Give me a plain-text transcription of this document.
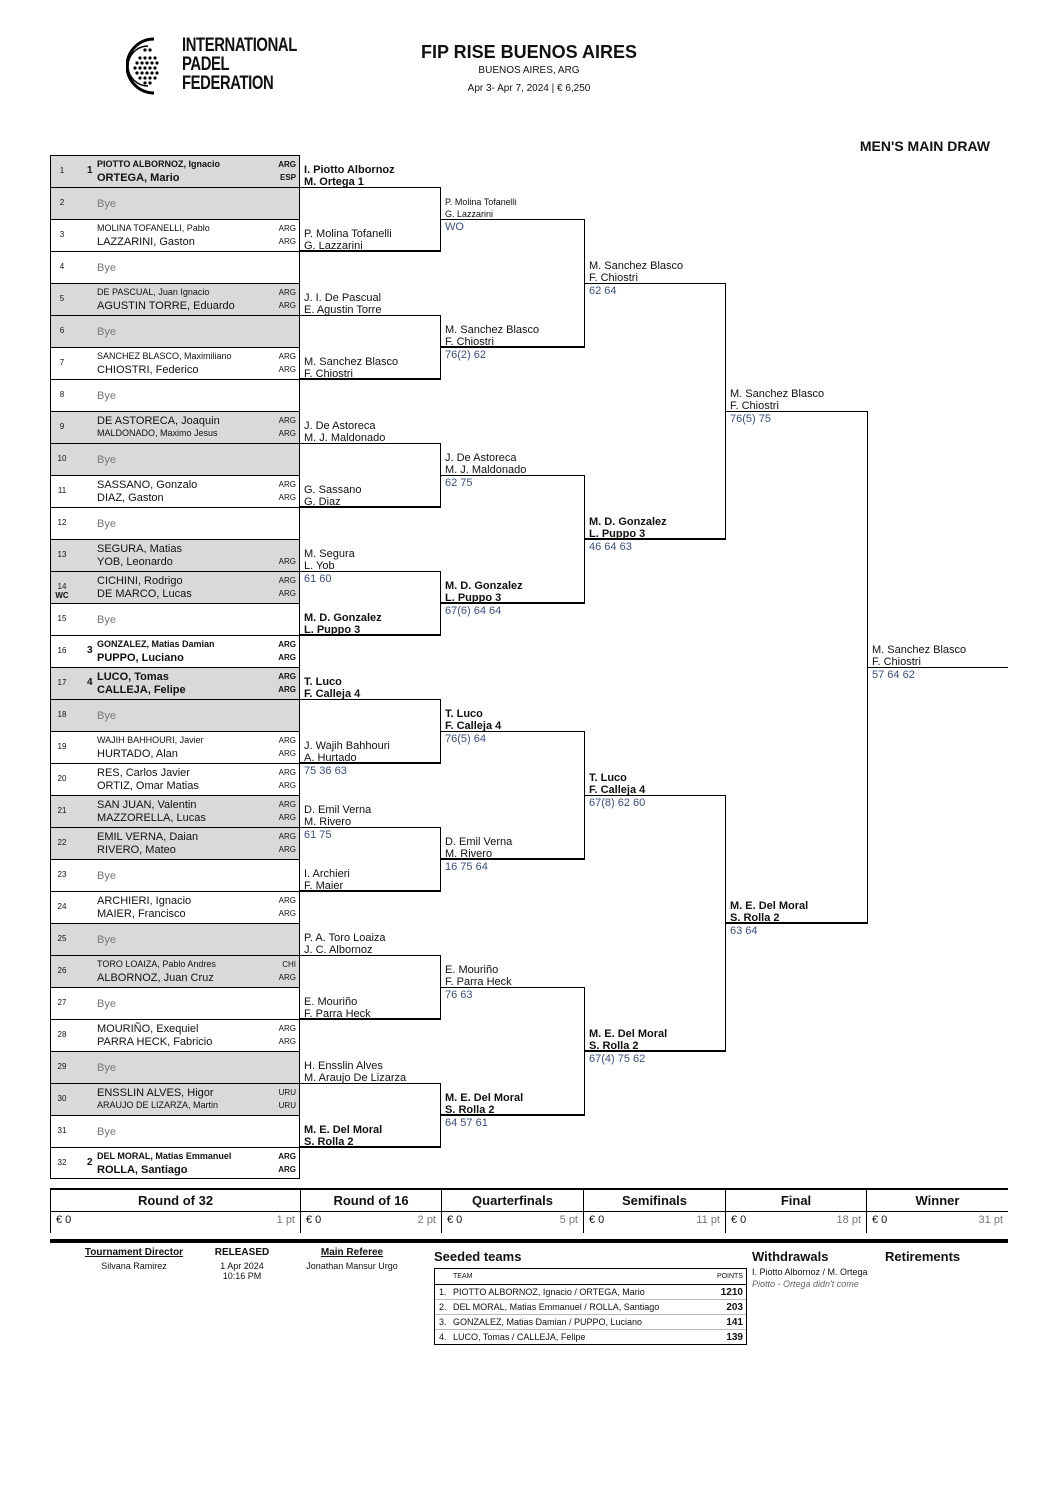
INTERNATIONAL
PADEL
FEDERATION
FIP RISE BUENOS AIRES
BUENOS AIRES, ARG
Apr 3- Apr 7, 2024 | € 6,250
MEN'S MAIN DRAW
1	1
PIOTTO ALBORNOZ, Ignacio
ORTEGA, Mario
ARG
ESP
2	Bye
3
MOLINA TOFANELLI, Pablo
LAZZARINI, Gaston
ARG
ARG
4	Bye
5
DE PASCUAL, Juan Ignacio
AGUSTIN TORRE, Eduardo
ARG
ARG
6	Bye
7
SANCHEZ BLASCO, Maximiliano
CHIOSTRI, Federico
ARG
ARG
8	Bye
9	DE ASTORECA, Joaquin
MALDONADO, Maximo Jesus
ARG
ARG
10	Bye
11	SASSANO, Gonzalo
DIAZ, Gaston
ARG
ARG
12	Bye
13	SEGURA, Matias
YOB, Leonardo	ARG
14 WC
CICHINI, Rodrigo
DE MARCO, Lucas
ARG
ARG
15	Bye
16	3
GONZALEZ, Matias Damian
PUPPO, Luciano
ARG
ARG
17	4 LUCO, Tomas
CALLEJA, Felipe
ARG
ARG
18	Bye
19
WAJIH BAHHOURI, Javier
HURTADO, Alan
ARG
ARG
20	RES, Carlos Javier
ORTIZ, Omar Matias
ARG
ARG
21	SAN JUAN, Valentin
MAZZORELLA, Lucas
ARG
ARG
22	EMIL VERNA, Daian
RIVERO, Mateo
ARG
ARG
23	Bye
24	ARCHIERI, Ignacio
MAIER, Francisco
ARG
ARG
25	Bye
26
TORO LOAIZA, Pablo Andres
ALBORNOZ, Juan Cruz
CHI
ARG
27	Bye
28	MOURIÑO, Exequiel
PARRA HECK, Fabricio
ARG
ARG
29	Bye
30	ENSSLIN ALVES, Higor
ARAUJO DE LIZARZA, Martin
URU
URU
31	Bye
32	2
DEL MORAL, Matias Emmanuel
ROLLA, Santiago
ARG
ARG
I. Piotto Albornoz
M. Ortega 1
P. Molina Tofanelli
G. Lazzarini
J. I. De Pascual
E. Agustin Torre
M. Sanchez Blasco
F. Chiostri
J. De Astoreca
M. J. Maldonado
G. Sassano
G. Diaz
M. Segura
L. Yob
61 60
M. D. Gonzalez
L. Puppo 3
T. Luco
F. Calleja 4
J. Wajih Bahhouri
A. Hurtado
75 36 63
D. Emil Verna
M. Rivero
61 75
I. Archieri
F. Maier
P. A. Toro Loaiza
J. C. Albornoz
E. Mouriño
F. Parra Heck
H. Ensslin Alves
M. Araujo De Lizarza
M. E. Del Moral
S. Rolla 2
P. Molina Tofanelli
G. Lazzarini
WO
M. Sanchez Blasco
F. Chiostri
76(2) 62
J. De Astoreca
M. J. Maldonado
62 75
M. D. Gonzalez
L. Puppo 3
67(6) 64 64
T. Luco
F. Calleja 4
76(5) 64
D. Emil Verna
M. Rivero
16 75 64
E. Mouriño
F. Parra Heck
76 63
M. E. Del Moral
S. Rolla 2
64 57 61
M. Sanchez Blasco
F. Chiostri
62 64
M. D. Gonzalez
L. Puppo 3
46 64 63
T. Luco
F. Calleja 4
67(8) 62 60
M. E. Del Moral
S. Rolla 2
67(4) 75 62
M. Sanchez Blasco
F. Chiostri
76(5) 75
M. E. Del Moral
S. Rolla 2
63 64
M. Sanchez Blasco
F. Chiostri
57 64 62
Round of 32	Round of 16	Quarterfinals	Semifinals	Final	Winner
€ 0	1 pt € 0	2 pt € 0	5 pt € 0	11 pt € 0	18 pt € 0	31 pt
Tournament Director
Silvana Ramirez
RELEASED
1 Apr 2024
10:16 PM
Main Referee
Jonathan Mansur Urgo
Seeded teams
TEAM	POINTS
1. PIOTTO ALBORNOZ, Ignacio / ORTEGA, Mario	1210
2. DEL MORAL, Matias Emmanuel / ROLLA, Santiago	203
3. GONZALEZ, Matias Damian / PUPPO, Luciano	141
4. LUCO, Tomas / CALLEJA, Felipe	139
Withdrawals
I. Piotto Albornoz / M. Ortega
Piotto - Ortega didn't come
Retirements
